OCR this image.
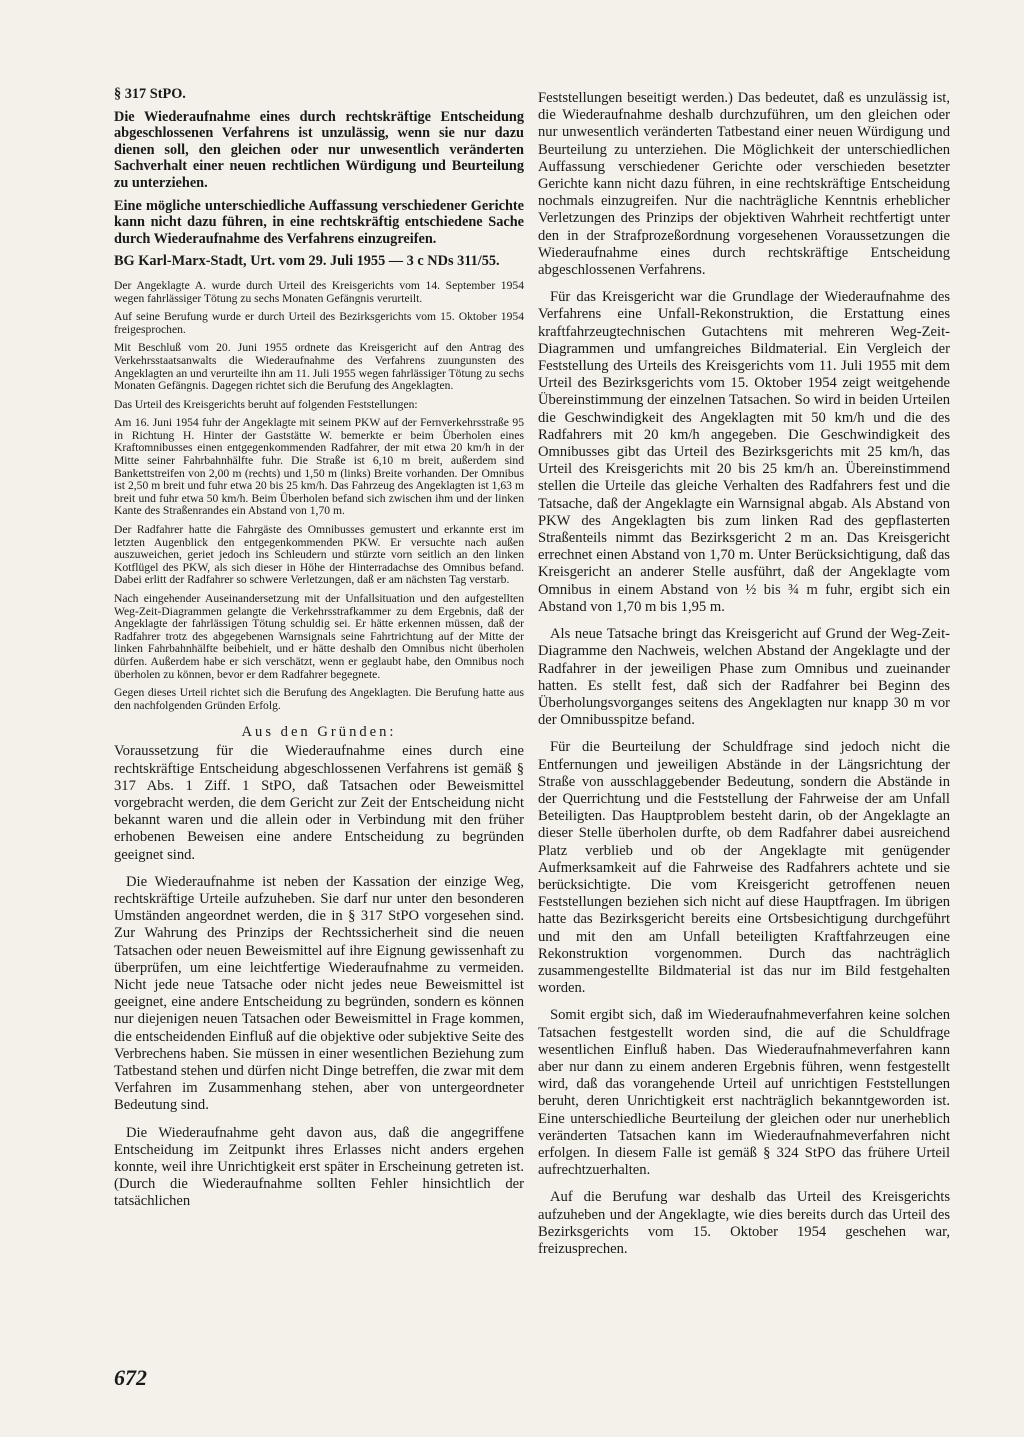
§ 317 StPO.

Die Wiederaufnahme eines durch rechtskräftige Entscheidung abgeschlossenen Verfahrens ist unzulässig, wenn sie nur dazu dienen soll, den gleichen oder nur unwesentlich veränderten Sachverhalt einer neuen rechtlichen Würdigung und Beurteilung zu unterziehen.

Eine mögliche unterschiedliche Auffassung verschiedener Gerichte kann nicht dazu führen, in eine rechtskräftig entschiedene Sache durch Wiederaufnahme des Verfahrens einzugreifen.

BG Karl-Marx-Stadt, Urt. vom 29. Juli 1955 — 3 c NDs 311/55.

Der Angeklagte A. wurde durch Urteil des Kreisgerichts vom 14. September 1954 wegen fahrlässiger Tötung zu sechs Monaten Gefängnis verurteilt.

Auf seine Berufung wurde er durch Urteil des Bezirksgerichts vom 15. Oktober 1954 freigesprochen.

Mit Beschluß vom 20. Juni 1955 ordnete das Kreisgericht auf den Antrag des Verkehrsstaatsanwalts die Wiederaufnahme des Verfahrens zuungunsten des Angeklagten an und verurteilte ihn am 11. Juli 1955 wegen fahrlässiger Tötung zu sechs Monaten Gefängnis. Dagegen richtet sich die Berufung des Angeklagten.

Das Urteil des Kreisgerichts beruht auf folgenden Feststellungen:

Am 16. Juni 1954 fuhr der Angeklagte mit seinem PKW auf der Fernverkehrsstraße 95 in Richtung H. Hinter der Gaststätte W. bemerkte er beim Überholen eines Kraftomnibusses einen entgegenkommenden Radfahrer, der mit etwa 20 km/h in der Mitte seiner Fahrbahnhälfte fuhr. Die Straße ist 6,10 m breit, außerdem sind Bankettstreifen von 2,00 m (rechts) und 1,50 m (links) Breite vorhanden. Der Omnibus ist 2,50 m breit und fuhr etwa 20 bis 25 km/h. Das Fahrzeug des Angeklagten ist 1,63 m breit und fuhr etwa 50 km/h. Beim Überholen befand sich zwischen ihm und der linken Kante des Straßenrandes ein Abstand von 1,70 m.

Der Radfahrer hatte die Fahrgäste des Omnibusses gemustert und erkannte erst im letzten Augenblick den entgegenkommenden PKW. Er versuchte nach außen auszuweichen, geriet jedoch ins Schleudern und stürzte vorn seitlich an den linken Kotflügel des PKW, als sich dieser in Höhe der Hinterradachse des Omnibus befand. Dabei erlitt der Radfahrer so schwere Verletzungen, daß er am nächsten Tag verstarb.

Nach eingehender Auseinandersetzung mit der Unfallsituation und den aufgestellten Weg-Zeit-Diagrammen gelangte die Verkehrsstrafkammer zu dem Ergebnis, daß der Angeklagte der fahrlässigen Tötung schuldig sei. Er hätte erkennen müssen, daß der Radfahrer trotz des abgegebenen Warnsignals seine Fahrtrichtung auf der Mitte der linken Fahrbahnhälfte beibehielt, und er hätte deshalb den Omnibus nicht überholen dürfen. Außerdem habe er sich verschätzt, wenn er geglaubt habe, den Omnibus noch überholen zu können, bevor er dem Radfahrer begegnete.

Gegen dieses Urteil richtet sich die Berufung des Angeklagten. Die Berufung hatte aus den nachfolgenden Gründen Erfolg.

Aus den Gründen:

Voraussetzung für die Wiederaufnahme eines durch eine rechtskräftige Entscheidung abgeschlossenen Verfahrens ist gemäß § 317 Abs. 1 Ziff. 1 StPO, daß Tatsachen oder Beweismittel vorgebracht werden, die dem Gericht zur Zeit der Entscheidung nicht bekannt waren und die allein oder in Verbindung mit den früher erhobenen Beweisen eine andere Entscheidung zu begründen geeignet sind.

Die Wiederaufnahme ist neben der Kassation der einzige Weg, rechtskräftige Urteile aufzuheben. Sie darf nur unter den besonderen Umständen angeordnet werden, die in § 317 StPO vorgesehen sind. Zur Wahrung des Prinzips der Rechtssicherheit sind die neuen Tatsachen oder neuen Beweismittel auf ihre Eignung gewissenhaft zu überprüfen, um eine leichtfertige Wiederaufnahme zu vermeiden. Nicht jede neue Tatsache oder nicht jedes neue Beweismittel ist geeignet, eine andere Entscheidung zu begründen, sondern es können nur diejenigen neuen Tatsachen oder Beweismittel in Frage kommen, die entscheidenden Einfluß auf die objektive oder subjektive Seite des Verbrechens haben. Sie müssen in einer wesentlichen Beziehung zum Tatbestand stehen und dürfen nicht Dinge betreffen, die zwar mit dem Verfahren im Zusammenhang stehen, aber von untergeordneter Bedeutung sind.

Die Wiederaufnahme geht davon aus, daß die angegriffene Entscheidung im Zeitpunkt ihres Erlasses nicht anders ergehen konnte, weil ihre Unrichtigkeit erst später in Erscheinung getreten ist. (Durch die Wiederaufnahme sollten Fehler hinsichtlich der tatsächlichen

Feststellungen beseitigt werden.) Das bedeutet, daß es unzulässig ist, die Wiederaufnahme deshalb durchzuführen, um den gleichen oder nur unwesentlich veränderten Tatbestand einer neuen Würdigung und Beurteilung zu unterziehen. Die Möglichkeit der unterschiedlichen Auffassung verschiedener Gerichte oder verschieden besetzter Gerichte kann nicht dazu führen, in eine rechtskräftige Entscheidung nochmals einzugreifen. Nur die nachträgliche Kenntnis erheblicher Verletzungen des Prinzips der objektiven Wahrheit rechtfertigt unter den in der Strafprozeßordnung vorgesehenen Voraussetzungen die Wiederaufnahme eines durch rechtskräftige Entscheidung abgeschlossenen Verfahrens.

Für das Kreisgericht war die Grundlage der Wiederaufnahme des Verfahrens eine Unfall-Rekonstruktion, die Erstattung eines kraftfahrzeugtechnischen Gutachtens mit mehreren Weg-Zeit-Diagrammen und umfangreiches Bildmaterial. Ein Vergleich der Feststellung des Urteils des Kreisgerichts vom 11. Juli 1955 mit dem Urteil des Bezirksgerichts vom 15. Oktober 1954 zeigt weitgehende Übereinstimmung der einzelnen Tatsachen. So wird in beiden Urteilen die Geschwindigkeit des Angeklagten mit 50 km/h und die des Radfahrers mit 20 km/h angegeben. Die Geschwindigkeit des Omnibusses gibt das Urteil des Bezirksgerichts mit 25 km/h, das Urteil des Kreisgerichts mit 20 bis 25 km/h an. Übereinstimmend stellen die Urteile das gleiche Verhalten des Radfahrers fest und die Tatsache, daß der Angeklagte ein Warnsignal abgab. Als Abstand von PKW des Angeklagten bis zum linken Rad des gepflasterten Straßenteils nimmt das Bezirksgericht 2 m an. Das Kreisgericht errechnet einen Abstand von 1,70 m. Unter Berücksichtigung, daß das Kreisgericht an anderer Stelle ausführt, daß der Angeklagte vom Omnibus in einem Abstand von ½ bis ¾ m fuhr, ergibt sich ein Abstand von 1,70 m bis 1,95 m.

Als neue Tatsache bringt das Kreisgericht auf Grund der Weg-Zeit-Diagramme den Nachweis, welchen Abstand der Angeklagte und der Radfahrer in der jeweiligen Phase zum Omnibus und zueinander hatten. Es stellt fest, daß sich der Radfahrer bei Beginn des Überholungsvorganges seitens des Angeklagten nur knapp 30 m vor der Omnibusspitze befand.

Für die Beurteilung der Schuldfrage sind jedoch nicht die Entfernungen und jeweiligen Abstände in der Längsrichtung der Straße von ausschlaggebender Bedeutung, sondern die Abstände in der Querrichtung und die Feststellung der Fahrweise der am Unfall Beteiligten. Das Hauptproblem besteht darin, ob der Angeklagte an dieser Stelle überholen durfte, ob dem Radfahrer dabei ausreichend Platz verblieb und ob der Angeklagte mit genügender Aufmerksamkeit auf die Fahrweise des Radfahrers achtete und sie berücksichtigte. Die vom Kreisgericht getroffenen neuen Feststellungen beziehen sich nicht auf diese Hauptfragen. Im übrigen hatte das Bezirksgericht bereits eine Ortsbesichtigung durchgeführt und mit den am Unfall beteiligten Kraftfahrzeugen eine Rekonstruktion vorgenommen. Durch das nachträglich zusammengestellte Bildmaterial ist das nur im Bild festgehalten worden.

Somit ergibt sich, daß im Wiederaufnahmeverfahren keine solchen Tatsachen festgestellt worden sind, die auf die Schuldfrage wesentlichen Einfluß haben. Das Wiederaufnahmeverfahren kann aber nur dann zu einem anderen Ergebnis führen, wenn festgestellt wird, daß das vorangehende Urteil auf unrichtigen Feststellungen beruht, deren Unrichtigkeit erst nachträglich bekanntgeworden ist. Eine unterschiedliche Beurteilung der gleichen oder nur unerheblich veränderten Tatsachen kann im Wiederaufnahmeverfahren nicht erfolgen. In diesem Falle ist gemäß § 324 StPO das frühere Urteil aufrechtzuerhalten.

Auf die Berufung war deshalb das Urteil des Kreisgerichts aufzuheben und der Angeklagte, wie dies bereits durch das Urteil des Bezirksgerichts vom 15. Oktober 1954 geschehen war, freizusprechen.

672
